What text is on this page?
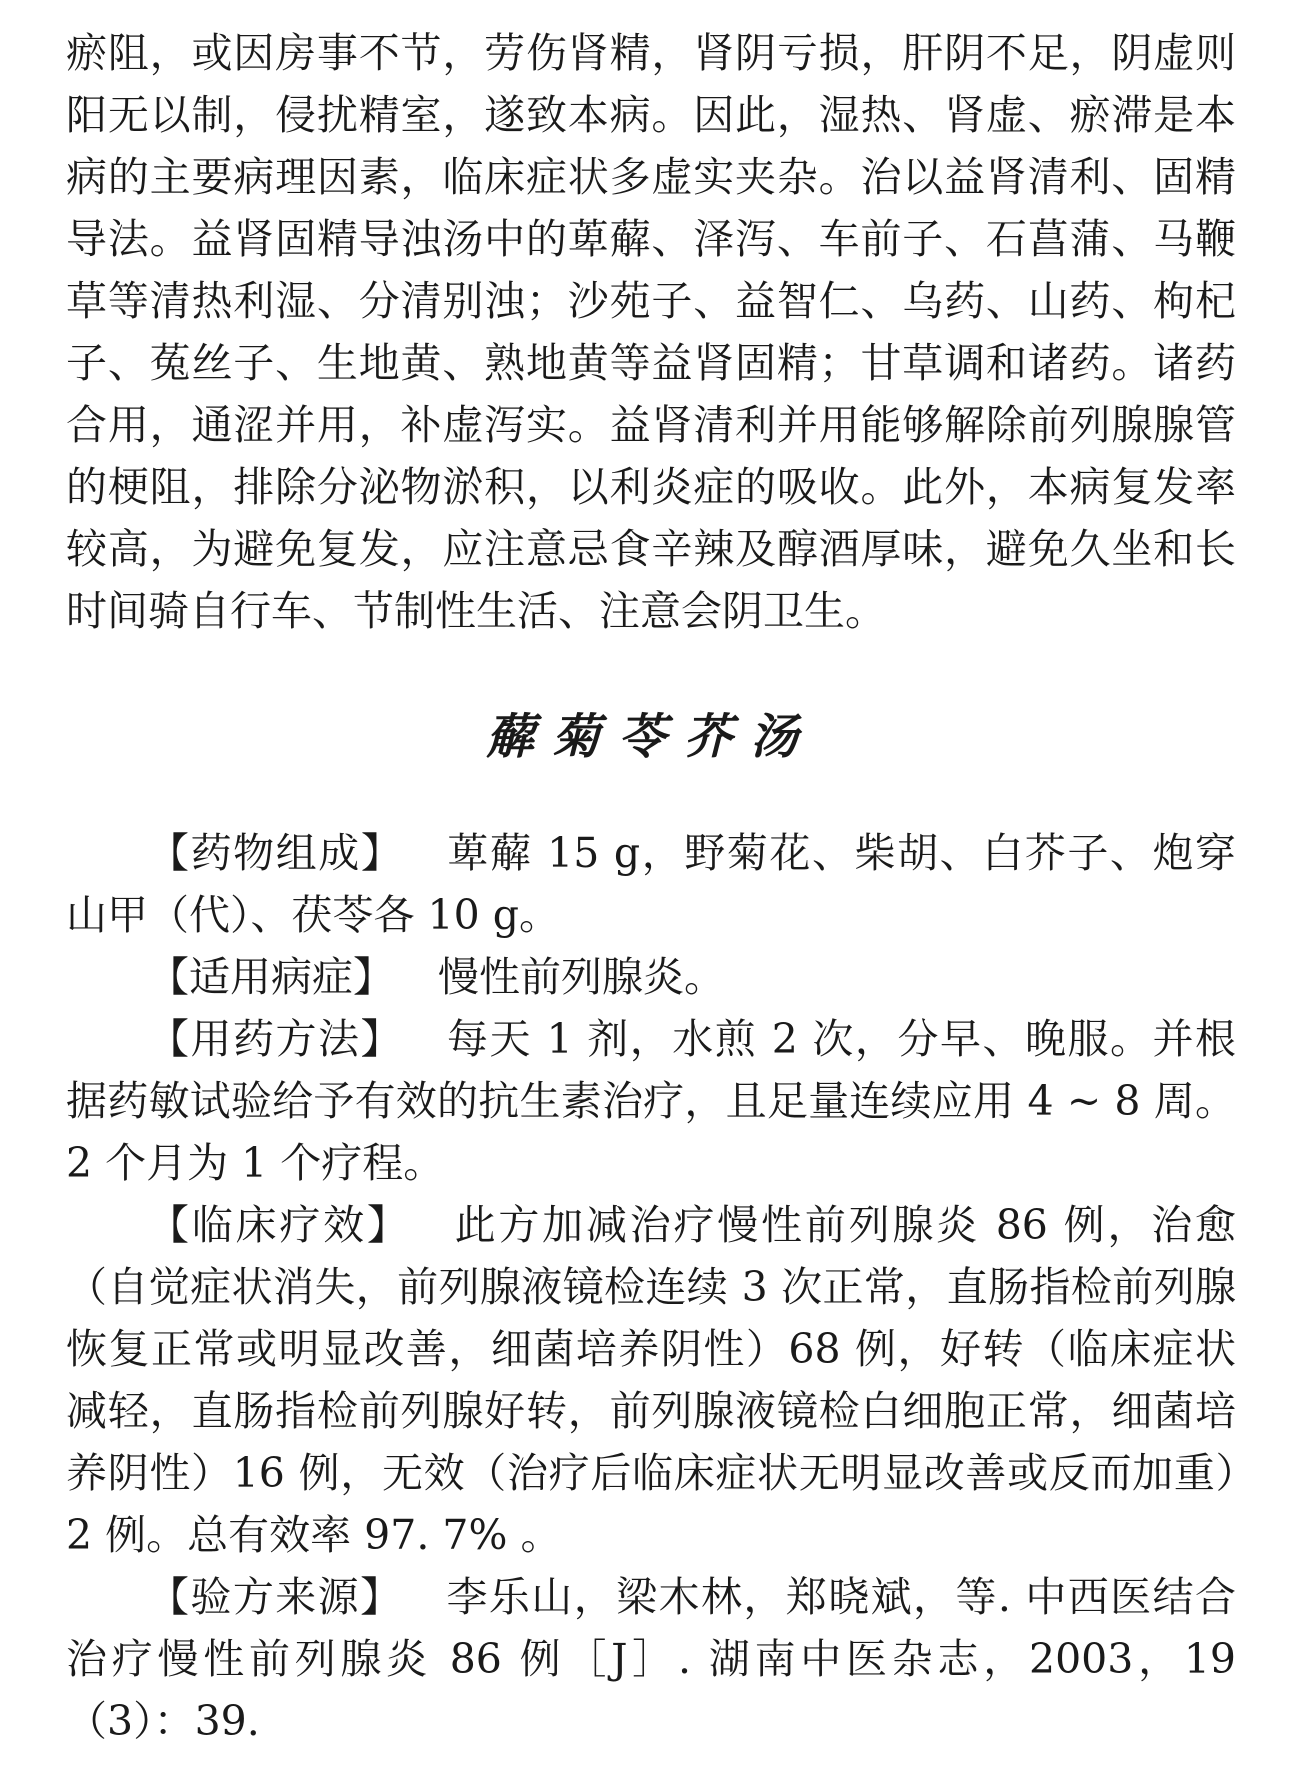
瘀阻，或因房事不节，劳伤肾精，肾阴亏损，肝阴不足，阴虚则阳无以制，侵扰精室，遂致本病。因此，湿热、肾虚、瘀滞是本病的主要病理因素，临床症状多虚实夹杂。治以益肾清利、固精导法。益肾固精导浊汤中的萆薢、泽泻、车前子、石菖蒲、马鞭草等清热利湿、分清别浊；沙苑子、益智仁、乌药、山药、枸杞子、菟丝子、生地黄、熟地黄等益肾固精；甘草调和诸药。诸药合用，通涩并用，补虚泻实。益肾清利并用能够解除前列腺腺管的梗阻，排除分泌物淤积，以利炎症的吸收。此外，本病复发率较高，为避免复发，应注意忌食辛辣及醇酒厚味，避免久坐和长时间骑自行车、节制性生活、注意会阴卫生。

薢菊苓芥汤

【药物组成】 萆薢 15 g，野菊花、柴胡、白芥子、炮穿山甲（代）、茯苓各 10 g。

【适用病症】 慢性前列腺炎。

【用药方法】 每天 1 剂，水煎 2 次，分早、晚服。并根据药敏试验给予有效的抗生素治疗，且足量连续应用 4 ~ 8 周。2 个月为 1 个疗程。

【临床疗效】 此方加减治疗慢性前列腺炎 86 例，治愈（自觉症状消失，前列腺液镜检连续 3 次正常，直肠指检前列腺恢复正常或明显改善，细菌培养阴性）68 例，好转（临床症状减轻，直肠指检前列腺好转，前列腺液镜检白细胞正常，细菌培养阴性）16 例，无效（治疗后临床症状无明显改善或反而加重）2 例。总有效率 97. 7% 。

【验方来源】 李乐山，梁木林，郑晓斌，等. 中西医结合治疗慢性前列腺炎 86 例［J］. 湖南中医杂志，2003，19（3）：39.
